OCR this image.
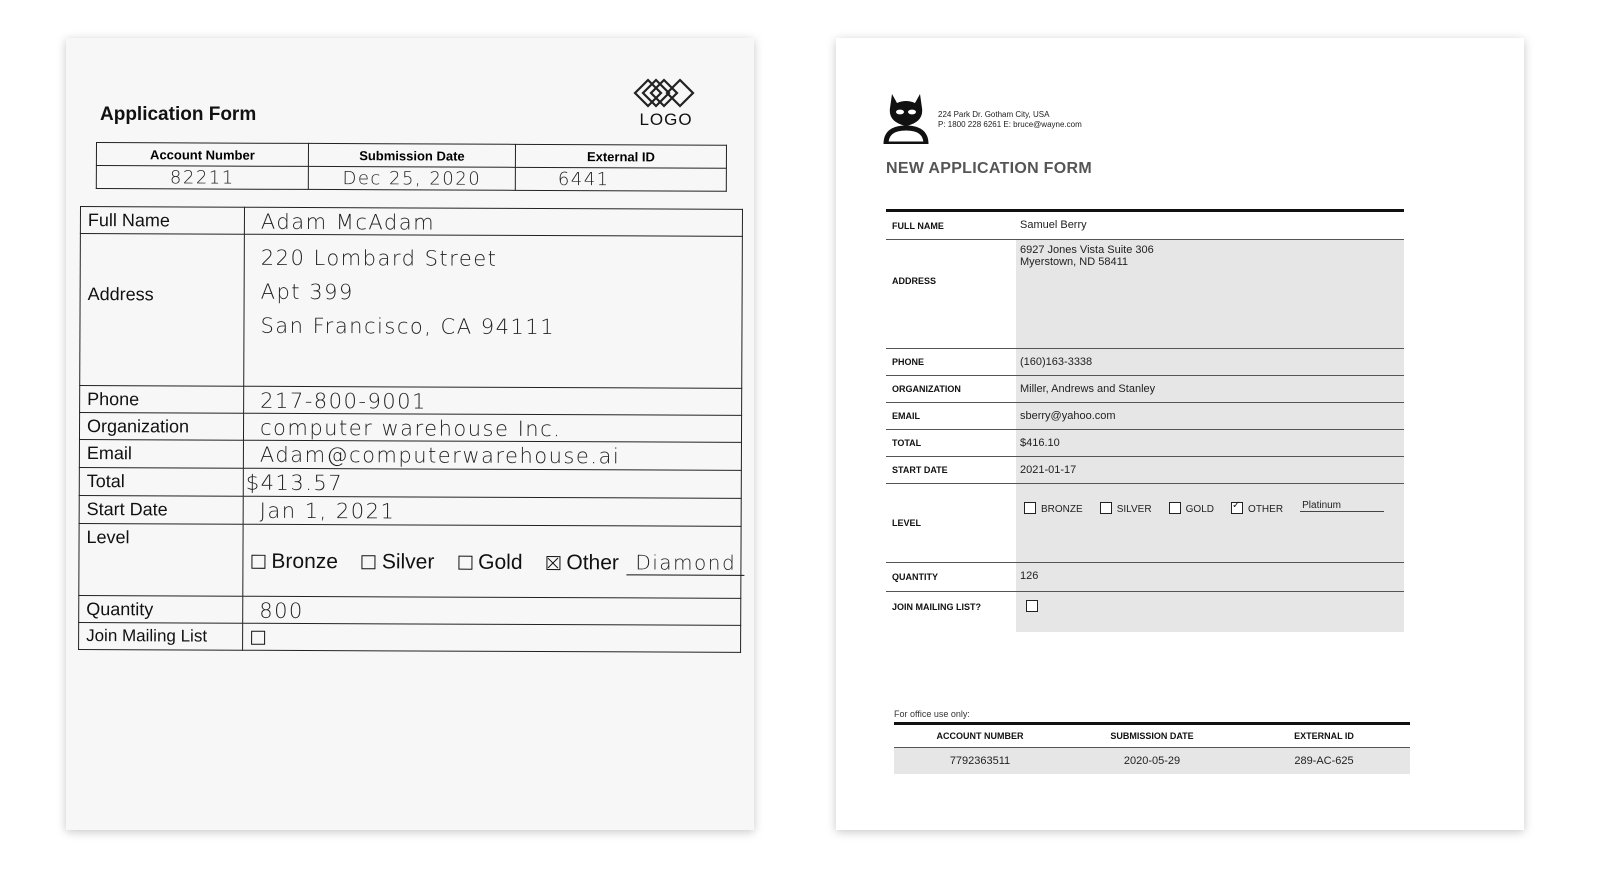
Application Form	LOGO
Account Number	Submission Date	External ID
82211	Dec 25, 2020	6441
Full Name	Adam McAdam
Address	220 Lombard Street
Apt 399
San Francisco, CA 94111

Phone	217-800-9001
Organization	computer warehouse Inc.
Email	Adam@computerwarehouse.ai
Total	$413.57
Start Date	Jan 1, 2021
Level	Bronze Silver Gold Other Diamond
Quantity	800
Join Mailing List	
224 Park Dr. Gotham City, USA
P: 1800 228 6261 E: bruce@wayne.com
NEW APPLICATION FORM
FULL NAME	Samuel Berry
ADDRESS
6927 Jones Vista Suite 306
Myerstown, ND 58411
PHONE	(160)163-3338
ORGANIZATION	Miller, Andrews and Stanley
EMAIL	sberry@yahoo.com
TOTAL	$416.10
START DATE	2021-01-17
LEVEL
BRONZE	SILVER	GOLD ✓	OTHER Platinum
QUANTITY	126
JOIN MAILING LIST?
For office use only:
ACCOUNT NUMBER	SUBMISSION DATE	EXTERNAL ID
7792363511	2020-05-29	289-AC-625
